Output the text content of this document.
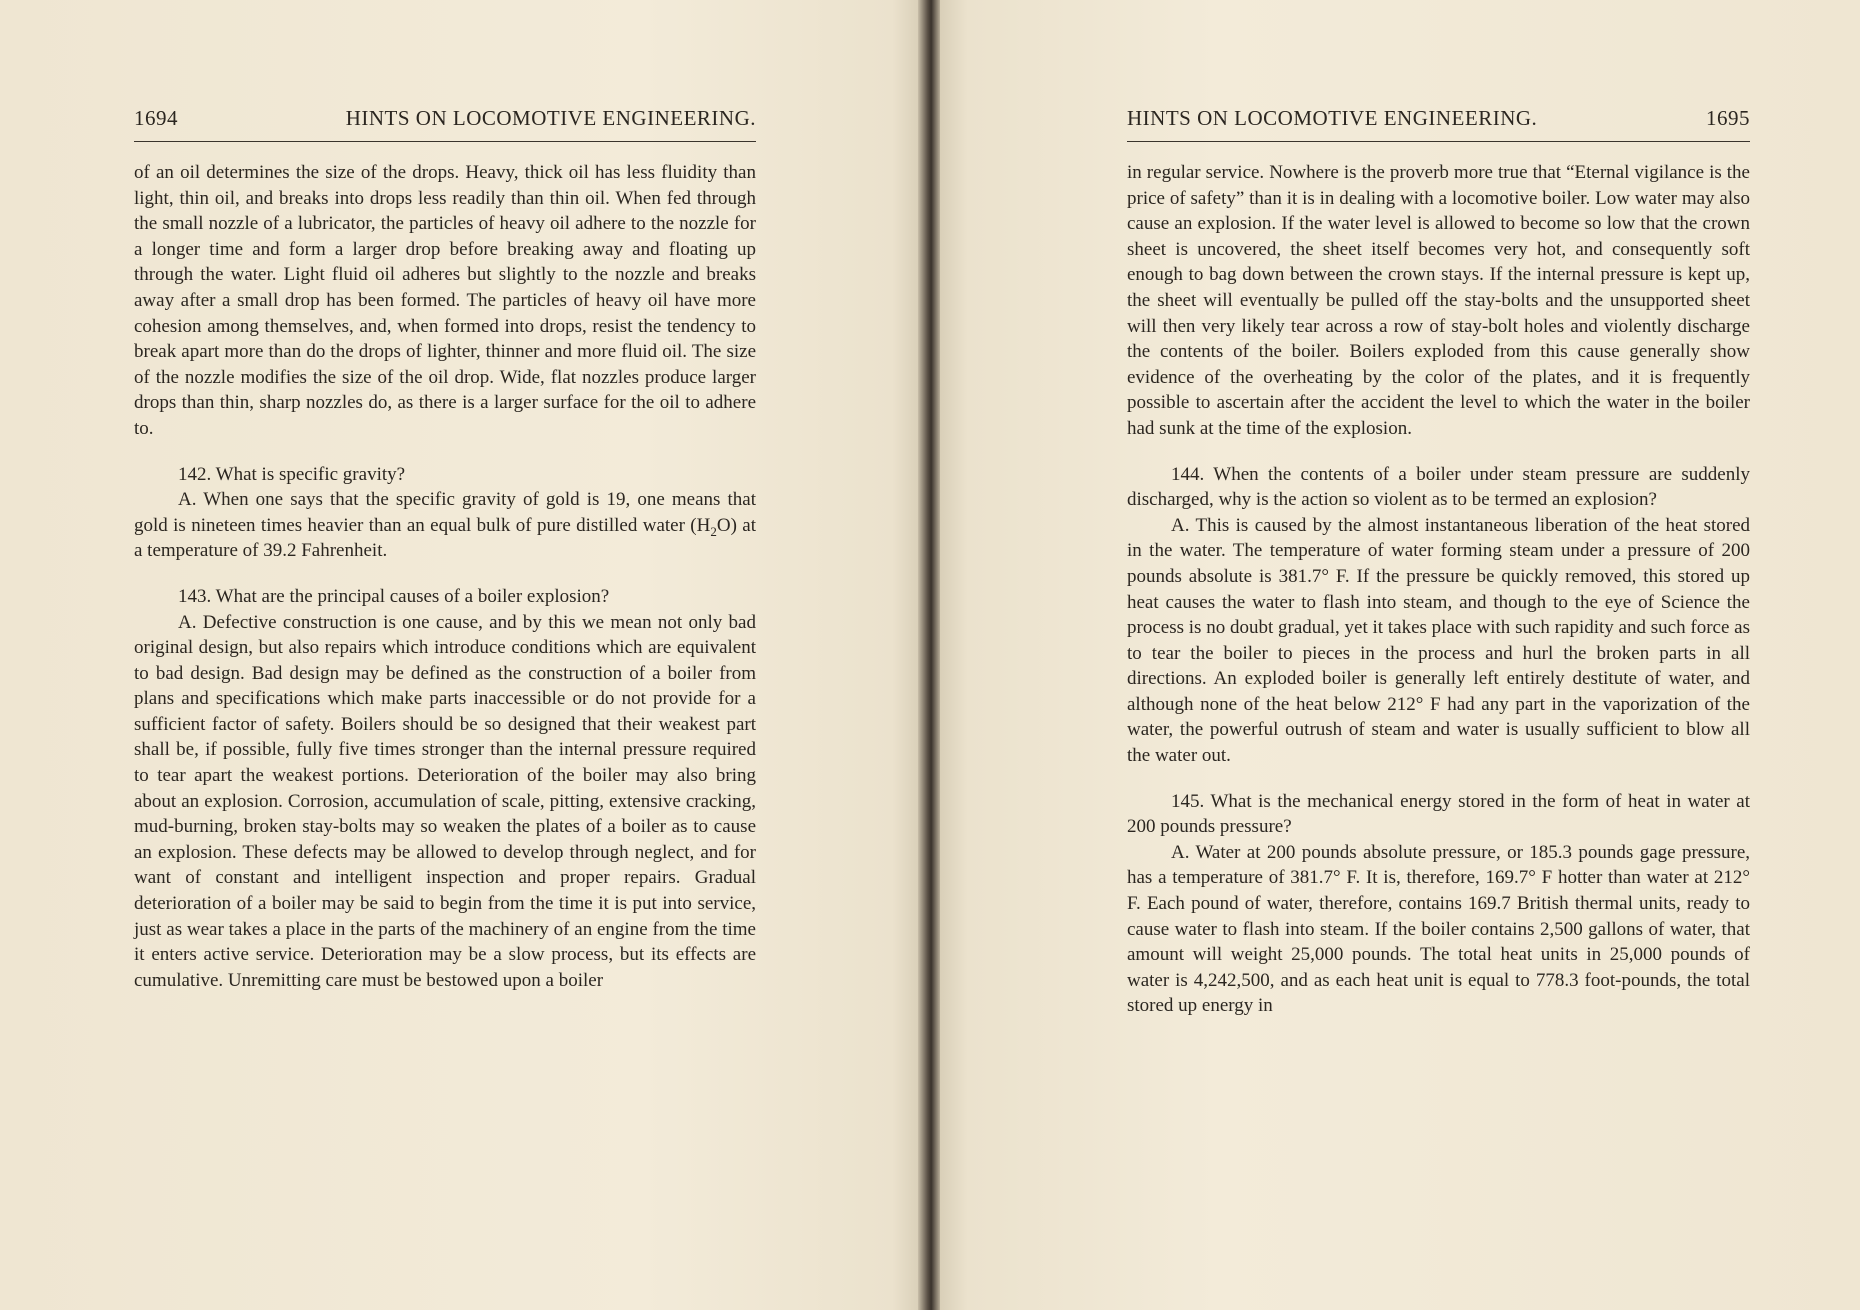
1694	HINTS ON LOCOMOTIVE ENGINEERING.

of an oil determines the size of the drops. Heavy, thick oil has less fluidity than light, thin oil, and breaks into drops less readily than thin oil. When fed through the small nozzle of a lubricator, the particles of heavy oil adhere to the nozzle for a longer time and form a larger drop before breaking away and floating up through the water. Light fluid oil adheres but slightly to the nozzle and breaks away after a small drop has been formed. The particles of heavy oil have more cohesion among themselves, and, when formed into drops, resist the tendency to break apart more than do the drops of lighter, thinner and more fluid oil. The size of the nozzle modifies the size of the oil drop. Wide, flat nozzles produce larger drops than thin, sharp nozzles do, as there is a larger surface for the oil to adhere to.

142. What is specific gravity?

A. When one says that the specific gravity of gold is 19, one means that gold is nineteen times heavier than an equal bulk of pure distilled water $(H_2O)$ at a temperature of 39.2 Fahrenheit.

143. What are the principal causes of a boiler explosion?

A. Defective construction is one cause, and by this we mean not only bad original design, but also repairs which introduce conditions which are equivalent to bad design. Bad design may be defined as the construction of a boiler from plans and specifications which make parts inaccessible or do not provide for a sufficient factor of safety. Boilers should be so designed that their weakest part shall be, if possible, fully five times stronger than the internal pressure required to tear apart the weakest portions. Deterioration of the boiler may also bring about an explosion. Corrosion, accumulation of scale, pitting, extensive cracking, mud-burning, broken stay-bolts may so weaken the plates of a boiler as to cause an explosion. These defects may be allowed to develop through neglect, and for want of constant and intelligent inspection and proper repairs. Gradual deterioration of a boiler may be said to begin from the time it is put into service, just as wear takes a place in the parts of the machinery of an engine from the time it enters active service. Deterioration may be a slow process, but its effects are cumulative. Unremitting care must be bestowed upon a boiler

HINTS ON LOCOMOTIVE ENGINEERING.	1695

in regular service. Nowhere is the proverb more true that “Eternal vigilance is the price of safety” than it is in dealing with a locomotive boiler. Low water may also cause an explosion. If the water level is allowed to become so low that the crown sheet is uncovered, the sheet itself becomes very hot, and consequently soft enough to bag down between the crown stays. If the internal pressure is kept up, the sheet will eventually be pulled off the stay-bolts and the unsupported sheet will then very likely tear across a row of stay-bolt holes and violently discharge the contents of the boiler. Boilers exploded from this cause generally show evidence of the overheating by the color of the plates, and it is frequently possible to ascertain after the accident the level to which the water in the boiler had sunk at the time of the explosion.

144. When the contents of a boiler under steam pressure are suddenly discharged, why is the action so violent as to be termed an explosion?

A. This is caused by the almost instantaneous liberation of the heat stored in the water. The temperature of water forming steam under a pressure of 200 pounds absolute is 381.7° F. If the pressure be quickly removed, this stored up heat causes the water to flash into steam, and though to the eye of Science the process is no doubt gradual, yet it takes place with such rapidity and such force as to tear the boiler to pieces in the process and hurl the broken parts in all directions. An exploded boiler is generally left entirely destitute of water, and although none of the heat below 212° F had any part in the vaporization of the water, the powerful outrush of steam and water is usually sufficient to blow all the water out.

145. What is the mechanical energy stored in the form of heat in water at 200 pounds pressure?

A. Water at 200 pounds absolute pressure, or 185.3 pounds gage pressure, has a temperature of 381.7° F. It is, therefore, 169.7° F hotter than water at 212° F. Each pound of water, therefore, contains 169.7 British thermal units, ready to cause water to flash into steam. If the boiler contains 2,500 gallons of water, that amount will weight 25,000 pounds. The total heat units in 25,000 pounds of water is 4,242,500, and as each heat unit is equal to 778.3 foot-pounds, the total stored up energy in
